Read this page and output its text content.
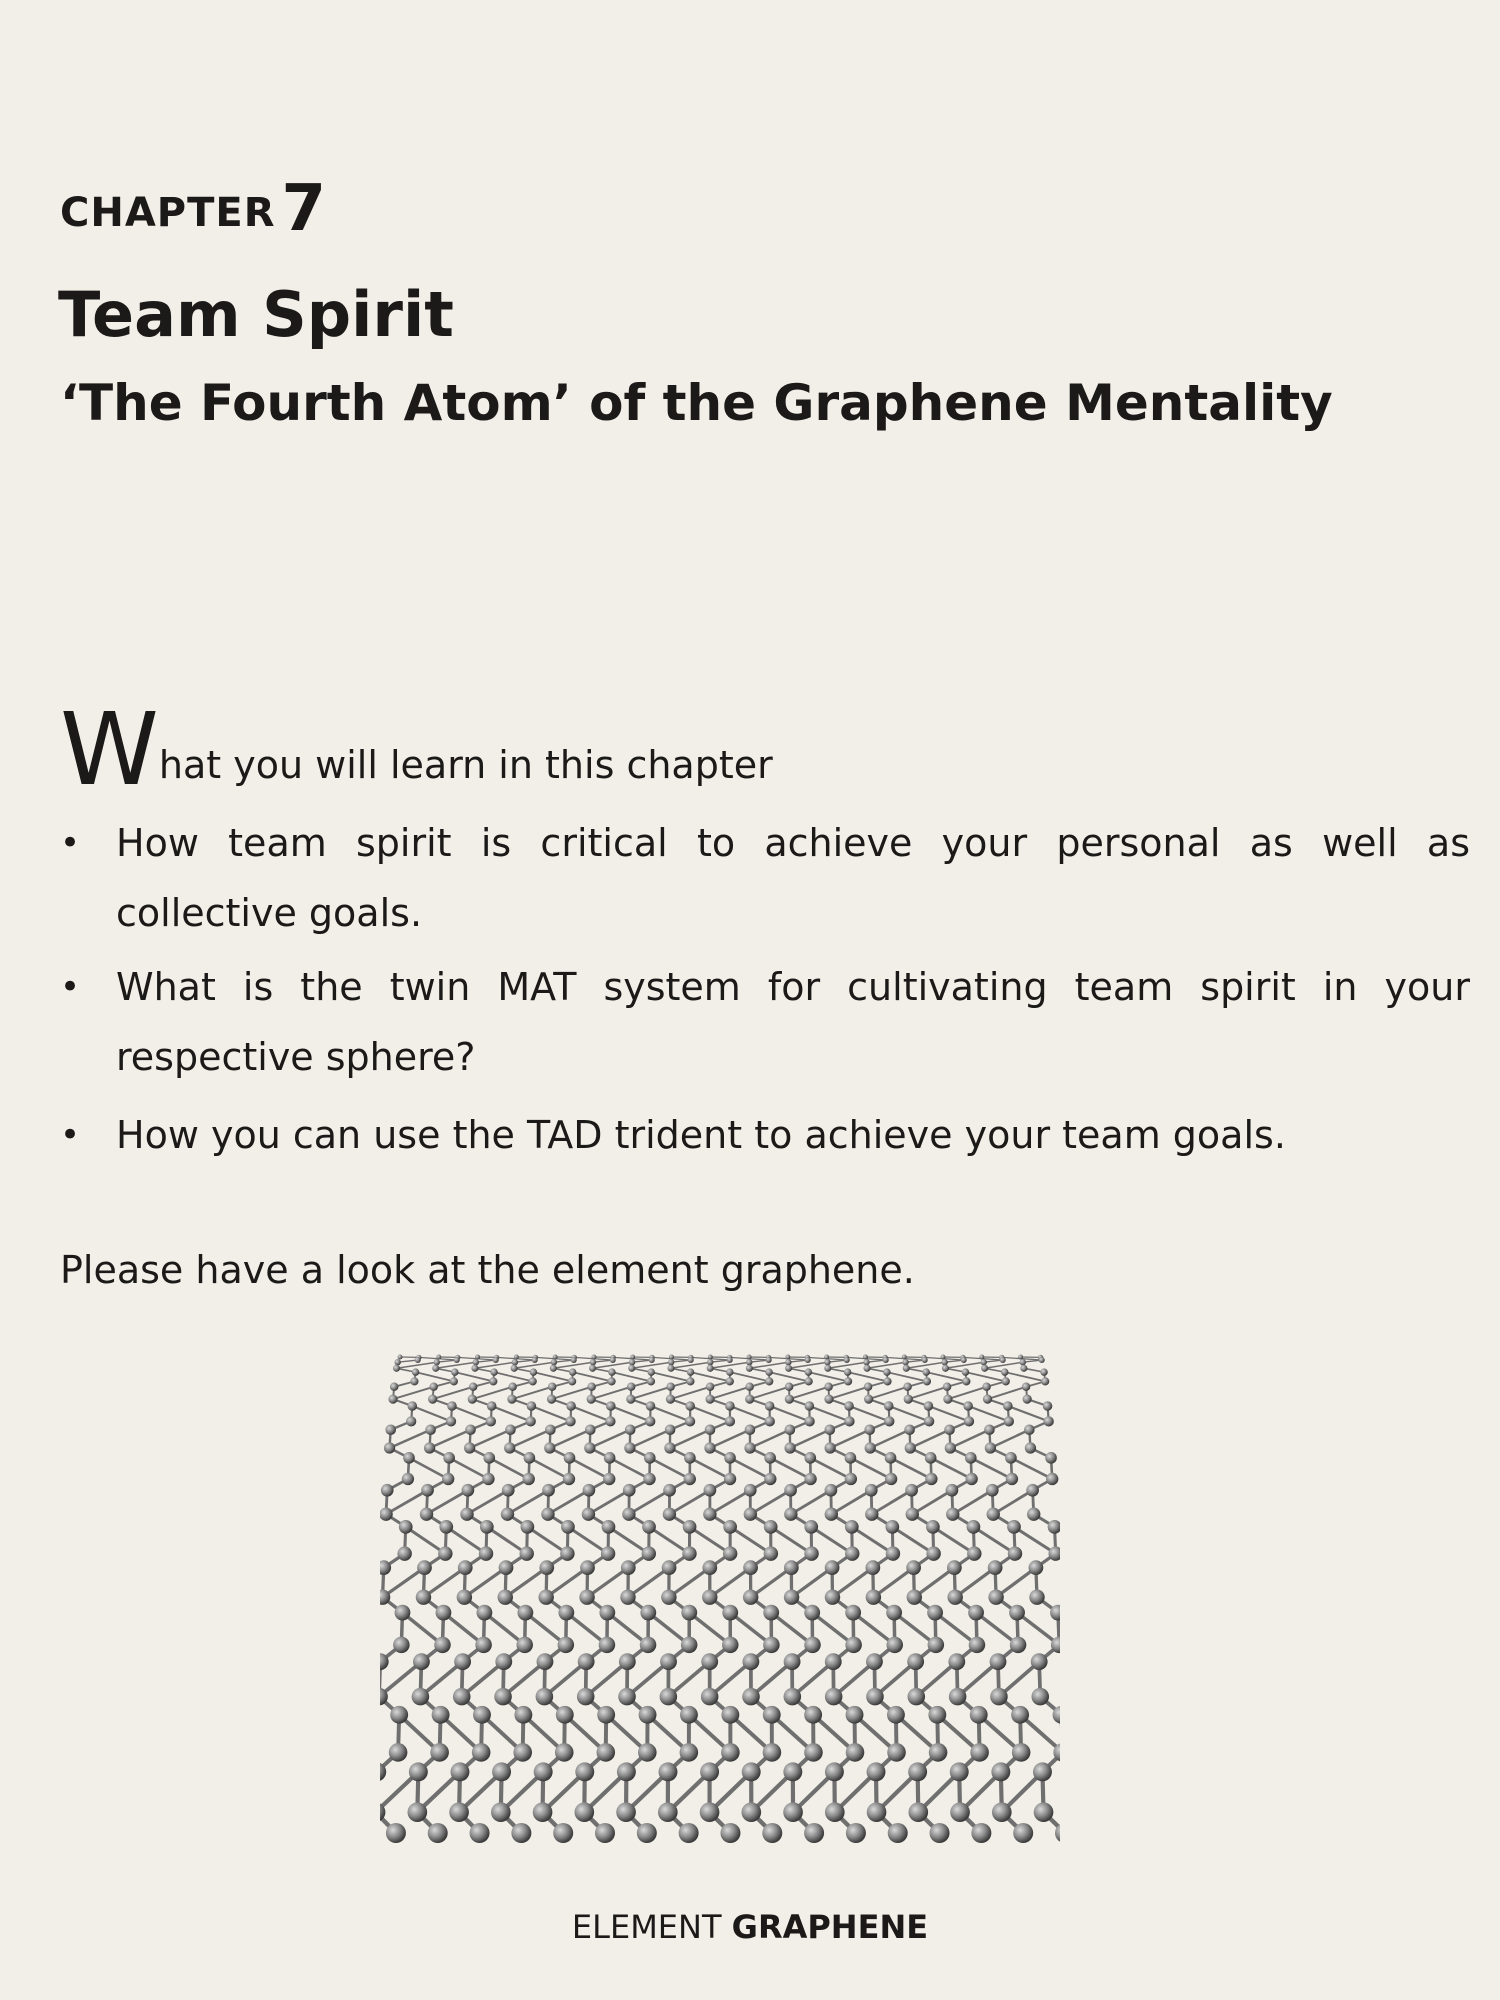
CHAPTER7
Team Spirit
‘The Fourth Atom’ of the Graphene Mentality
What you will learn in this chapter
• How team spirit is critical to achieve your personal as well as collective goals.
• What is the twin MAT system for cultivating team spirit in your respective sphere?
• How you can use the TAD trident to achieve your team goals.
Please have a look at the element graphene.
ELEMENT GRAPHENE
